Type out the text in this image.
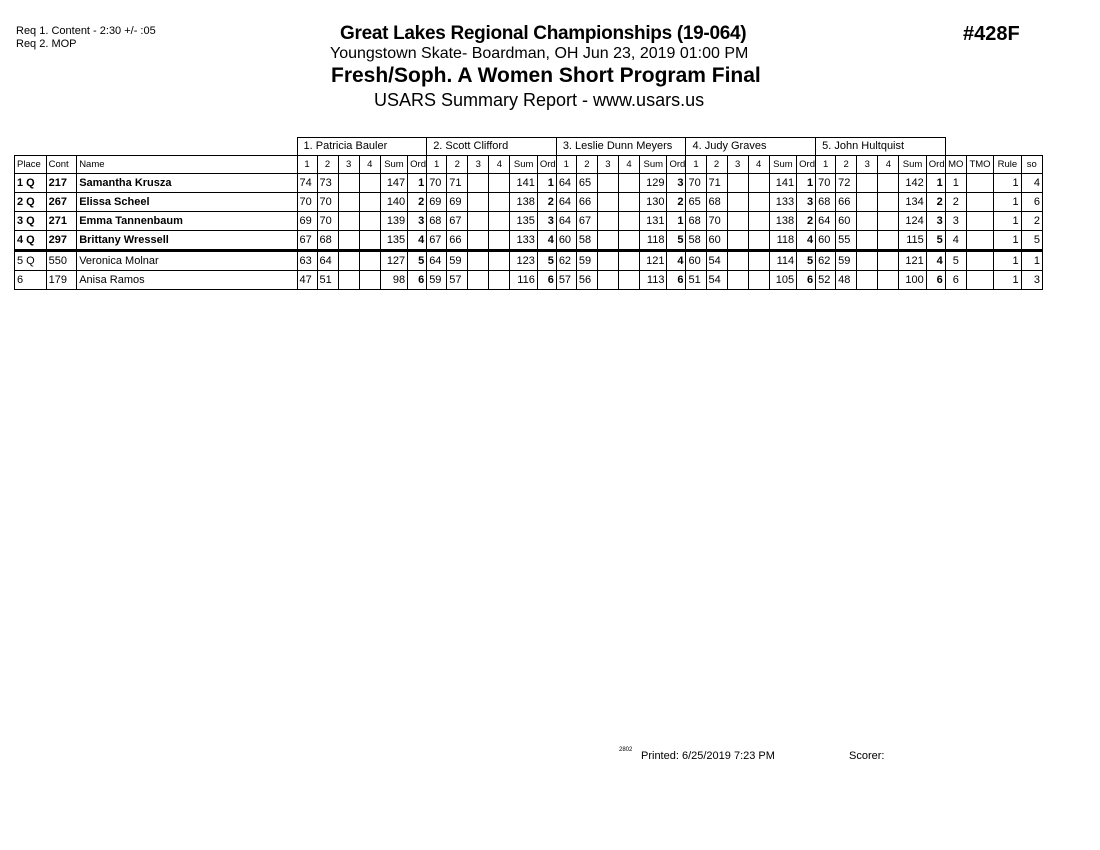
Req 1. Content - 2:30 +/- :05
Req 2. MOP	Great Lakes Regional Championships (19-064)
Youngstown Skate- Boardman, OH Jun 23, 2019 01:00 PM
Fresh/Soph. A Women Short Program Final
USARS Summary Report - www.usars.us
#428F
			1. Patricia Bauler						2. Scott Clifford						3. Leslie Dunn Meyers						4. Judy Graves						5. John Hultquist									
Place	Cont	Name	1	2	3	4	Sum	Ord	1	2	3	4	Sum	Ord	1	2	3	4	Sum	Ord	1	2	3	4	Sum	Ord	1	2	3	4	Sum	Ord	MO	TMO	Rule	so
1 Q	217	Samantha Krusza	74	73			147	1	70	71			141	1	64	65			129	3	70	71			141	1	70	72			142	1	1		1	4
2 Q	267	Elissa Scheel	70	70			140	2	69	69			138	2	64	66			130	2	65	68			133	3	68	66			134	2	2		1	6
3 Q	271	Emma Tannenbaum	69	70			139	3	68	67			135	3	64	67			131	1	68	70			138	2	64	60			124	3	3		1	2
4 Q	297	Brittany Wressell	67	68			135	4	67	66			133	4	60	58			118	5	58	60			118	4	60	55			115	5	4		1	5
5 Q	550	Veronica Molnar	63	64			127	5	64	59			123	5	62	59			121	4	60	54			114	5	62	59			121	4	5		1	1
6	179	Anisa Ramos	47	51			98	6	59	57			116	6	57	56			113	6	51	54			105	6	52	48			100	6	6		1	3
2802 Printed: 6/25/2019 7:23 PM	Scorer:
